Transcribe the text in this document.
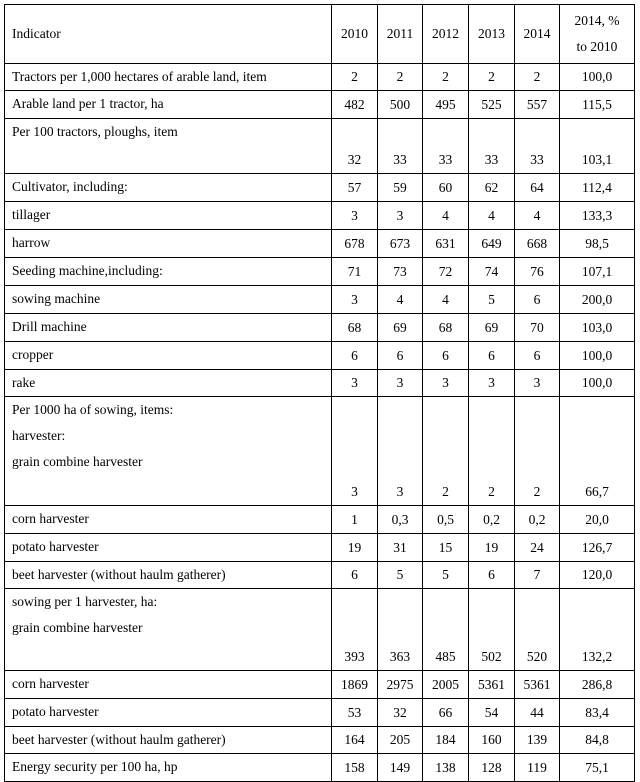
Indicator	2010	2011	2012	2013	2014	2014, %
to 2010

Tractors per 1,000 hectares of arable land, item	2	2	2	2	2	100,0
Arable land per 1 tractor, ha	482	500	495	525	557	115,5
Per 100 tractors, ploughs, item	32	33	33	33	33	103,1
Cultivator, including:	57	59	60	62	64	112,4
tillager	3	3	4	4	4	133,3
harrow	678	673	631	649	668	98,5
Seeding machine,including:	71	73	72	74	76	107,1
sowing machine	3	4	4	5	6	200,0
Drill machine	68	69	68	69	70	103,0
cropper	6	6	6	6	6	100,0
rake	3	3	3	3	3	100,0

Per 1000 ha of sowing, items:
harvester:
grain combine harvester	3	3	2	2	2	66,7
corn harvester	1	0,3	0,5	0,2	0,2	20,0
potato harvester	19	31	15	19	24	126,7
beet harvester (without haulm gatherer)	6	5	5	6	7	120,0

sowing per 1 harvester, ha:
grain combine harvester	393	363	485	502	520	132,2
corn harvester	1869	2975	2005	5361	5361	286,8
potato harvester	53	32	66	54	44	83,4
beet harvester (without haulm gatherer)	164	205	184	160	139	84,8
Energy security per 100 ha, hp	158	149	138	128	119	75,1
